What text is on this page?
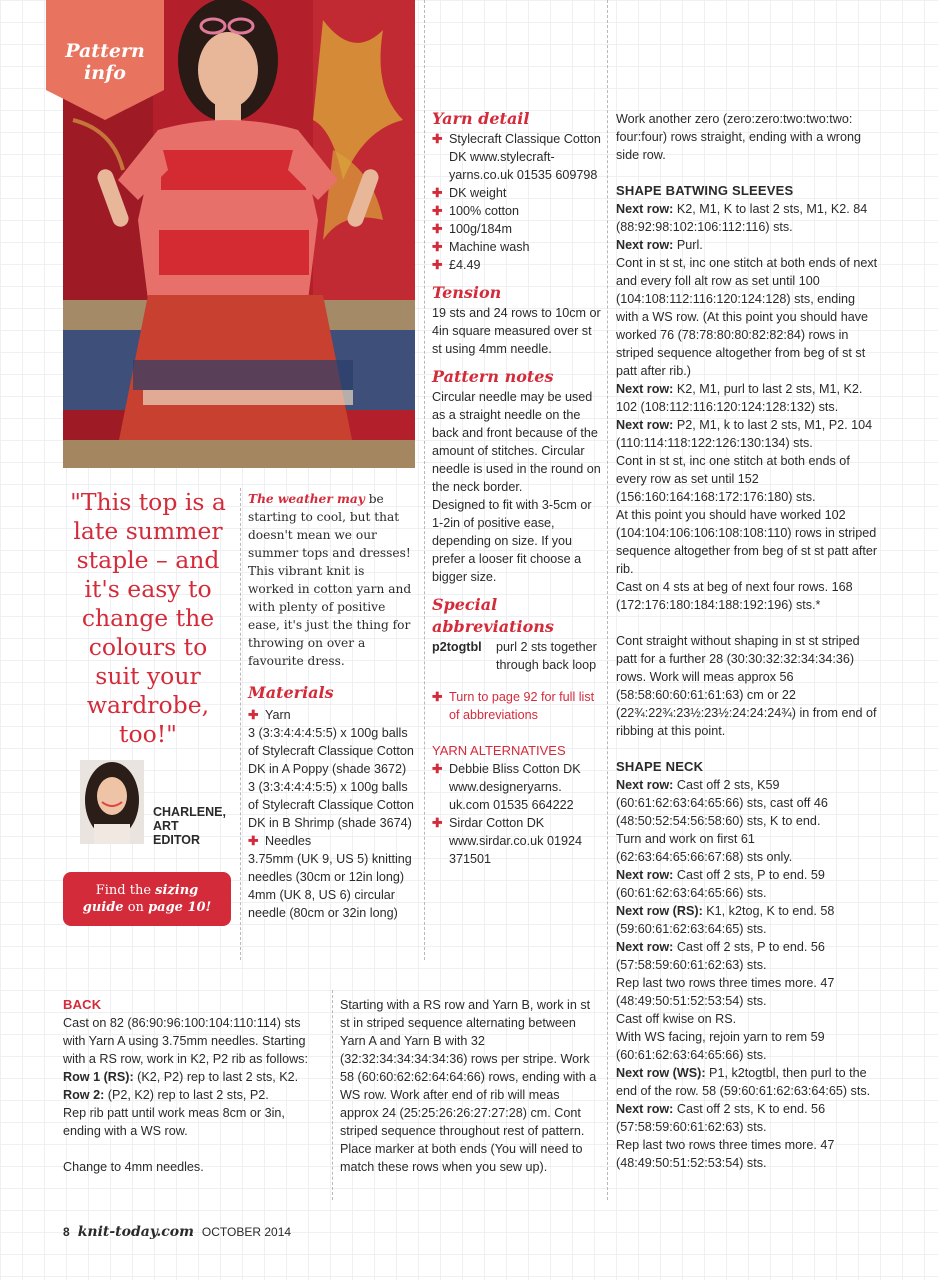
Pattern
info
"This top is a late summer staple – and it's easy to change the colours to suit your wardrobe, too!"
CHARLENE,
ART
EDITOR
Find the sizing
guide on page 10!
The weather may be starting to cool, but that doesn't mean we our summer tops and dresses! This vibrant knit is worked in cotton yarn and with plenty of positive ease, it's just the thing for throwing on over a favourite dress.
Materials
✚ Yarn
3 (3:3:4:4:4:5:5) x 100g balls of Stylecraft Classique Cotton DK in A Poppy (shade 3672)
3 (3:3:4:4:4:5:5) x 100g balls of Stylecraft Classique Cotton DK in B Shrimp (shade 3674)
✚ Needles
3.75mm (UK 9, US 5) knitting needles (30cm or 12in long)
4mm (UK 8, US 6) circular needle (80cm or 32in long)
Yarn detail
✚ Stylecraft Classique Cotton DK www.stylecraft-yarns.co.uk 01535 609798
✚ DK weight
✚ 100% cotton
✚ 100g/184m
✚ Machine wash
✚ £4.49
Tension
19 sts and 24 rows to 10cm or 4in square measured over st st using 4mm needle.
Pattern notes
Circular needle may be used as a straight needle on the back and front because of the amount of stitches. Circular needle is used in the round on the neck border.
Designed to fit with 3-5cm or 1-2in of positive ease, depending on size. If you prefer a looser fit choose a bigger size.
Special abbreviations
p2togtbl	purl 2 sts together through back loop
✚ Turn to page 92 for full list of abbreviations
YARN ALTERNATIVES
✚ Debbie Bliss Cotton DK www.designeryarns. uk.com 01535 664222
✚ Sirdar Cotton DK www.sirdar.co.uk 01924 371501
Work another zero (zero:zero:two:two:two: four:four) rows straight, ending with a wrong side row.
SHAPE BATWING SLEEVES
Next row: K2, M1, K to last 2 sts, M1, K2. 84 (88:92:98:102:106:112:116) sts.
Next row: Purl.
Cont in st st, inc one stitch at both ends of next and every foll alt row as set until 100 (104:108:112:116:120:124:128) sts, ending with a WS row. (At this point you should have worked 76 (78:78:80:80:82:82:84) rows in striped sequence altogether from beg of st st patt after rib.)
Next row: K2, M1, purl to last 2 sts, M1, K2. 102 (108:112:116:120:124:128:132) sts.
Next row: P2, M1, k to last 2 sts, M1, P2. 104 (110:114:118:122:126:130:134) sts.
Cont in st st, inc one stitch at both ends of every row as set until 152 (156:160:164:168:172:176:180) sts.
At this point you should have worked 102 (104:104:106:106:108:108:110) rows in striped sequence altogether from beg of st st patt after rib.
Cast on 4 sts at beg of next four rows. 168 (172:176:180:184:188:192:196) sts.*
Cont straight without shaping in st st striped patt for a further 28 (30:30:32:32:34:34:36) rows. Work will meas approx 56 (58:58:60:60:61:61:63) cm or 22 (22¾:22¾:23½:23½:24:24:24¾) in from end of ribbing at this point.
SHAPE NECK
Next row: Cast off 2 sts, K59 (60:61:62:63:64:65:66) sts, cast off 46 (48:50:52:54:56:58:60) sts, K to end.
Turn and work on first 61 (62:63:64:65:66:67:68) sts only.
Next row: Cast off 2 sts, P to end. 59 (60:61:62:63:64:65:66) sts.
Next row (RS): K1, k2tog, K to end. 58 (59:60:61:62:63:64:65) sts.
Next row: Cast off 2 sts, P to end. 56 (57:58:59:60:61:62:63) sts.
Rep last two rows three times more. 47 (48:49:50:51:52:53:54) sts.
Cast off kwise on RS.
With WS facing, rejoin yarn to rem 59 (60:61:62:63:64:65:66) sts.
Next row (WS): P1, k2togtbl, then purl to the end of the row. 58 (59:60:61:62:63:64:65) sts.
Next row: Cast off 2 sts, K to end. 56 (57:58:59:60:61:62:63) sts.
Rep last two rows three times more. 47 (48:49:50:51:52:53:54) sts.
BACK
Cast on 82 (86:90:96:100:104:110:114) sts with Yarn A using 3.75mm needles. Starting with a RS row, work in K2, P2 rib as follows:
Row 1 (RS): (K2, P2) rep to last 2 sts, K2.
Row 2: (P2, K2) rep to last 2 sts, P2.
Rep rib patt until work meas 8cm or 3in, ending with a WS row.
Change to 4mm needles.
Starting with a RS row and Yarn B, work in st st in striped sequence alternating between Yarn A and Yarn B with 32 (32:32:34:34:34:34:36) rows per stripe. Work 58 (60:60:62:62:64:64:66) rows, ending with a WS row. Work after end of rib will meas approx 24 (25:25:26:26:27:27:28) cm. Cont striped sequence throughout rest of pattern.
Place marker at both ends (You will need to match these rows when you sew up).
8 knit-today.com OCTOBER 2014
